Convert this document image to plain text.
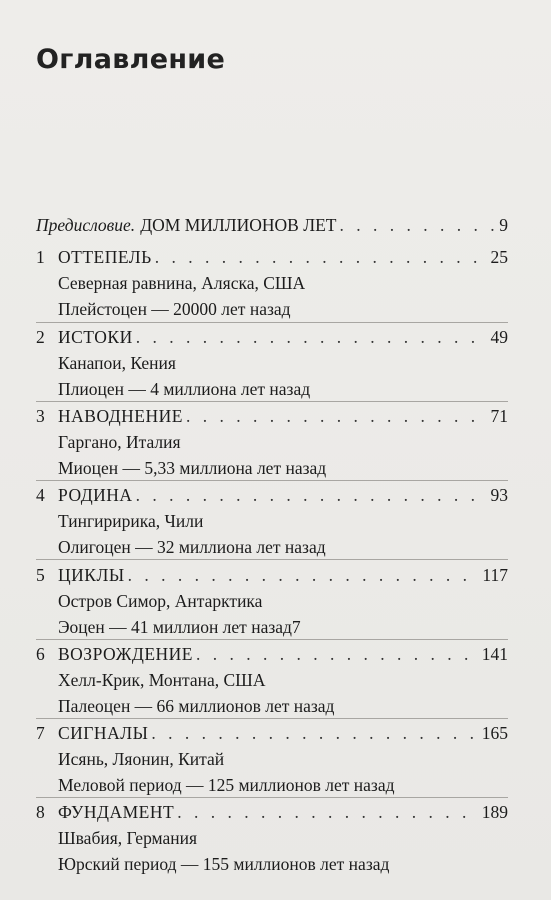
Оглавление
Предисловие. ДОМ МИЛЛИОНОВ ЛЕТ . . .	9
1 ОТТЕПЕЛЬ . . .	25
Северная равнина, Аляска, США
Плейстоцен — 20000 лет назад
2 ИСТОКИ . . .	49
Канапои, Кения
Плиоцен — 4 миллиона лет назад
3 НАВОДНЕНИЕ . . .	71
Гаргано, Италия
Миоцен — 5,33 миллиона лет назад
4 РОДИНА . . .	93
Тингиририка, Чили
Олигоцен — 32 миллиона лет назад
5 ЦИКЛЫ . . .	117
Остров Симор, Антарктика
Эоцен — 41 миллион лет назад7
6 ВОЗРОЖДЕНИЕ . . .	141
Хелл-Крик, Монтана, США
Палеоцен — 66 миллионов лет назад
7 СИГНАЛЫ . . .	165
Исянь, Ляонин, Китай
Меловой период — 125 миллионов лет назад
8 ФУНДАМЕНТ . . .	189
Швабия, Германия
Юрский период — 155 миллионов лет назад
